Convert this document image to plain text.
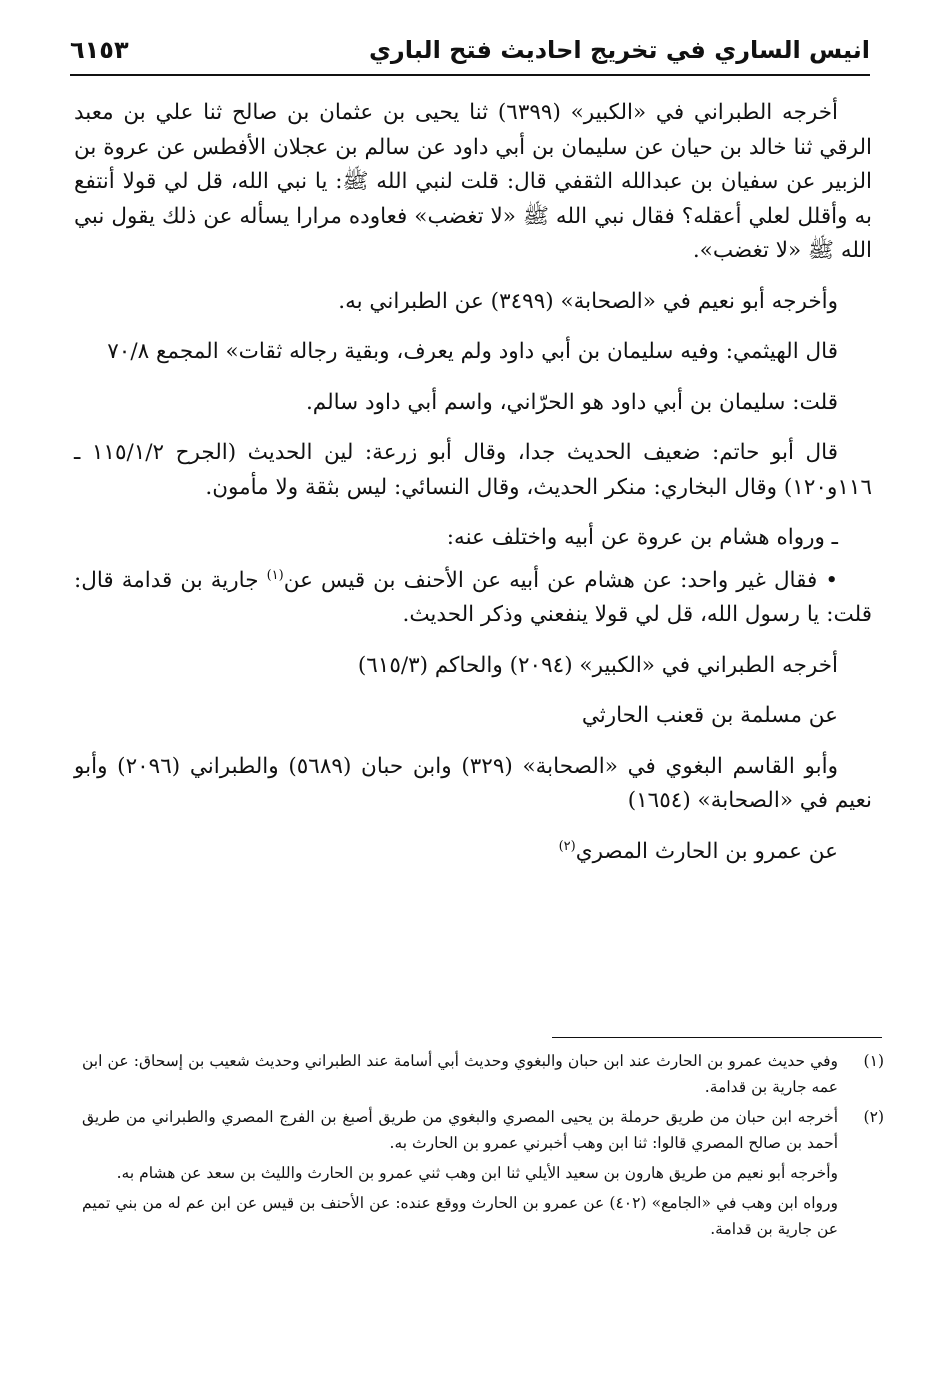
انيس الساري في تخريج احاديث فتح الباري
٦١٥٣

أخرجه الطبراني في «الكبير» (٦٣٩٩) ثنا يحيى بن عثمان بن صالح ثنا علي بن معبد الرقي ثنا خالد بن حيان عن سليمان بن أبي داود عن سالم بن عجلان الأفطس عن عروة بن الزبير عن سفيان بن عبدالله الثقفي قال: قلت لنبي الله ﷺ: يا نبي الله، قل لي قولا أنتفع به وأقلل لعلي أعقله؟ فقال نبي الله ﷺ «لا تغضب» فعاوده مرارا يسأله عن ذلك يقول نبي الله ﷺ «لا تغضب».

وأخرجه أبو نعيم في «الصحابة» (٣٤٩٩) عن الطبراني به.

قال الهيثمي: وفيه سليمان بن أبي داود ولم يعرف، وبقية رجاله ثقات» المجمع ٧٠/٨

قلت: سليمان بن أبي داود هو الحرّاني، واسم أبي داود سالم.

قال أبو حاتم: ضعيف الحديث جدا، وقال أبو زرعة: لين الحديث (الجرح ١١٥/١/٢ ـ ١١٦و١٢٠) وقال البخاري: منكر الحديث، وقال النسائي: ليس بثقة ولا مأمون.

ـ ورواه هشام بن عروة عن أبيه واختلف عنه:

• فقال غير واحد: عن هشام عن أبيه عن الأحنف بن قيس عن$^{(١)}$ جارية بن قدامة قال: قلت: يا رسول الله، قل لي قولا ينفعني وذكر الحديث.

أخرجه الطبراني في «الكبير» (٢٠٩٤) والحاكم (٦١٥/٣)

عن مسلمة بن قعنب الحارثي

وأبو القاسم البغوي في «الصحابة» (٣٢٩) وابن حبان (٥٦٨٩) والطبراني (٢٠٩٦) وأبو نعيم في «الصحابة» (١٦٥٤)

عن عمرو بن الحارث المصري$^{(٢)}$

(١)

وفي حديث عمرو بن الحارث عند ابن حبان والبغوي وحديث أبي أسامة عند الطبراني وحديث شعيب بن إسحاق: عن ابن عمه جارية بن قدامة.

(٢)

أخرجه ابن حبان من طريق حرملة بن يحيى المصري والبغوي من طريق أصبغ بن الفرج المصري والطبراني من طريق أحمد بن صالح المصري قالوا: ثنا ابن وهب أخبرني عمرو بن الحارث به.

وأخرجه أبو نعيم من طريق هارون بن سعيد الأيلي ثنا ابن وهب ثني عمرو بن الحارث والليث بن سعد عن هشام به.

ورواه ابن وهب في «الجامع» (٤٠٢) عن عمرو بن الحارث ووقع عنده: عن الأحنف بن قيس عن ابن عم له من بني تميم عن جارية بن قدامة.
